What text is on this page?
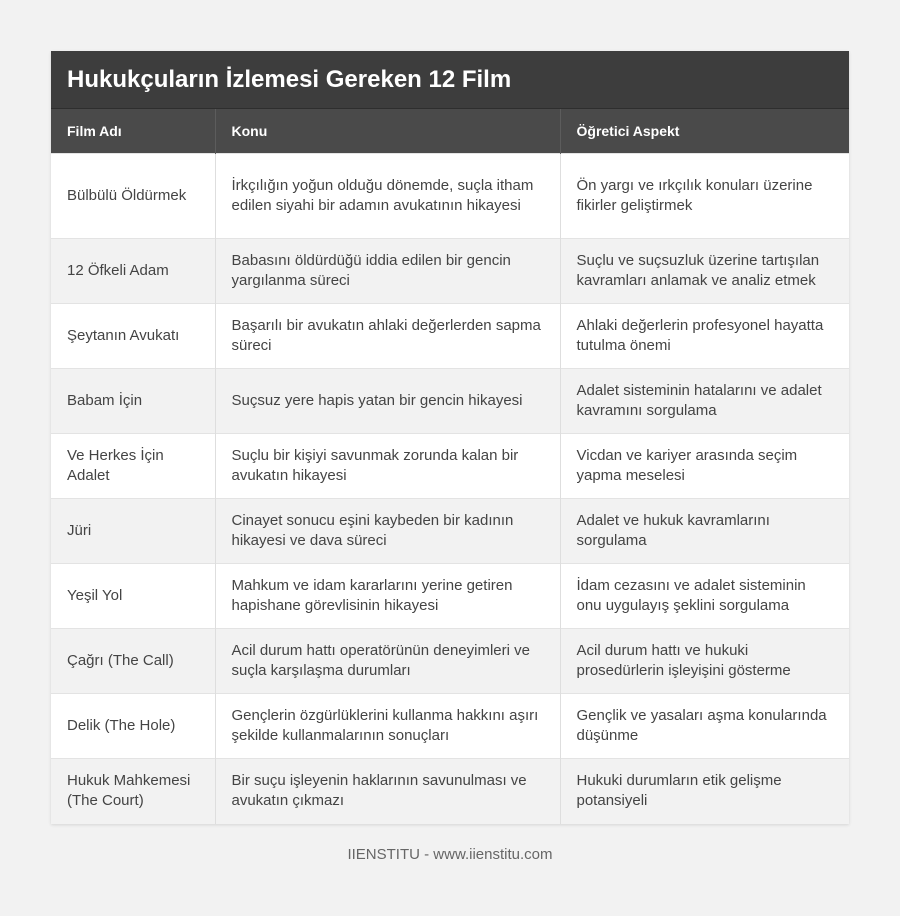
Hukukçuların İzlemesi Gereken 12 Film
Film Adı	Konu	Öğretici Aspekt
Bülbülü Öldürmek	İrkçılığın yoğun olduğu dönemde, suçla itham edilen siyahi bir adamın avukatının hikayesi	Ön yargı ve ırkçılık konuları üzerine fikirler geliştirmek
12 Öfkeli Adam	Babasını öldürdüğü iddia edilen bir gencin yargılanma süreci	Suçlu ve suçsuzluk üzerine tartışılan kavramları anlamak ve analiz etmek
Şeytanın Avukatı	Başarılı bir avukatın ahlaki değerlerden sapma süreci	Ahlaki değerlerin profesyonel hayatta tutulma önemi
Babam İçin	Suçsuz yere hapis yatan bir gencin hikayesi	Adalet sisteminin hatalarını ve adalet kavramını sorgulama
Ve Herkes İçin Adalet	Suçlu bir kişiyi savunmak zorunda kalan bir avukatın hikayesi	Vicdan ve kariyer arasında seçim yapma meselesi
Jüri	Cinayet sonucu eşini kaybeden bir kadının hikayesi ve dava süreci	Adalet ve hukuk kavramlarını sorgulama
Yeşil Yol	Mahkum ve idam kararlarını yerine getiren hapishane görevlisinin hikayesi	İdam cezasını ve adalet sisteminin onu uygulayış şeklini sorgulama
Çağrı (The Call)	Acil durum hattı operatörünün deneyimleri ve suçla karşılaşma durumları	Acil durum hattı ve hukuki prosedürlerin işleyişini gösterme
Delik (The Hole)	Gençlerin özgürlüklerini kullanma hakkını aşırı şekilde kullanmalarının sonuçları	Gençlik ve yasaları aşma konularında düşünme
Hukuk Mahkemesi (The Court)	Bir suçu işleyenin haklarının savunulması ve avukatın çıkmazı	Hukuki durumların etik gelişme potansiyeli
IIENSTITU - www.iienstitu.com
